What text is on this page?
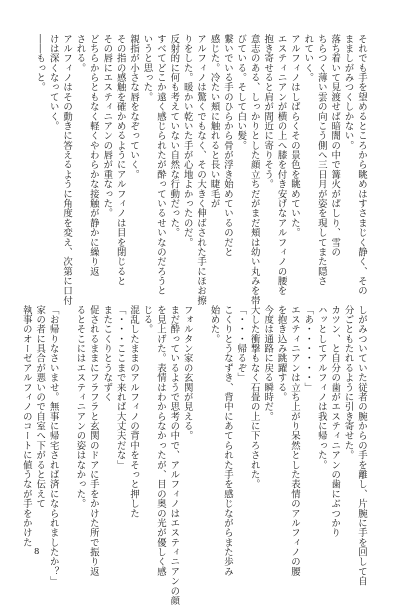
それでも手を望めるところから眺めはすさまじく静く、その
まましがみつくしかない。
落ち着いて見渡せば暗闇の中で篝火がぱしり、雪の
ちらつく薄い雲の向こう側へ三日月が姿を現してまた隠さ
れていく。
アルフィノはしばらくその景色を眺めていた。
エスティニアンが横の上へ膝を付き安げなアルフィノの腰を
抱き寄せると肩が間近に寄りそう。
意志のある、しっかりとした顔立ちだがまだ頬は幼い丸みを帯
びている。そして白い髪。
繋いでいる手のひらから骨が浮き始めているのだと
感じた。冷たい頬に触れると長い睫毛が
アルフィノは驚くでもなく、その大きく伸ばされた手にほお擦
りをした。暖かい乾いた手が心地よかったのだ。
反射的に何も考えていない自然な行動だった。
すべてどこか遠く感じられたが酔っているせいなのだろうと
いうと思った。
親指が小さな唇をなぞっていく。
その指の感触を確かめるようにアルフィノは目を閉じると
その唇にエスティニアンの唇が重なった。
どちらからともなく軽くやわらかな接触が静かに繰り返
される。
アルフィノはその動きに答えるように角度を変え、次第に口付
けは深くなっていく。
――もっと。
しがみついていた従者の腕からの手を離し、片腕に手を回して自
分ごともたれるように引き寄せた。
カツン、と自分の歯がエスティニアンの歯にぶつかり
ハッとしてアルフィノは我に帰った。
「あ・・・・・・」
エスティニアンは立ち上がり呆然とした表情のアルフィノの腰
を抱き込み跳躍する。
今度は通路に戻る瞬時だ。
大した衝撃もなく石畳の上に下ろされた。
「・・・帰るぞ」
こくりとうなずき、背中にあてられた手を感じながらまた歩み
始めた。

フォルタン家の玄関が見える。
まだ酔っているようで思考の中で、アルフィノはエスティニアンの顔
を見上げた。表情はわからなかったが、目の奥の光が優しく感
じる。
混乱したままのアルフィノの背中をそっと押した
「・・・ここまで来れば大丈夫だな」
またこくりとうなずく
促されるままにフラフラと玄関のドアに手をかけた所で振り返
るとそこにはエスティニアンの姿はなかった。

「お帰りなさいませ。無事に帰宅されば済になられましたか？」
家の者に具合が悪いので自室へ下がると伝えて
執事のオーゼアルフィノのコートに値うなが手をかけた
8
